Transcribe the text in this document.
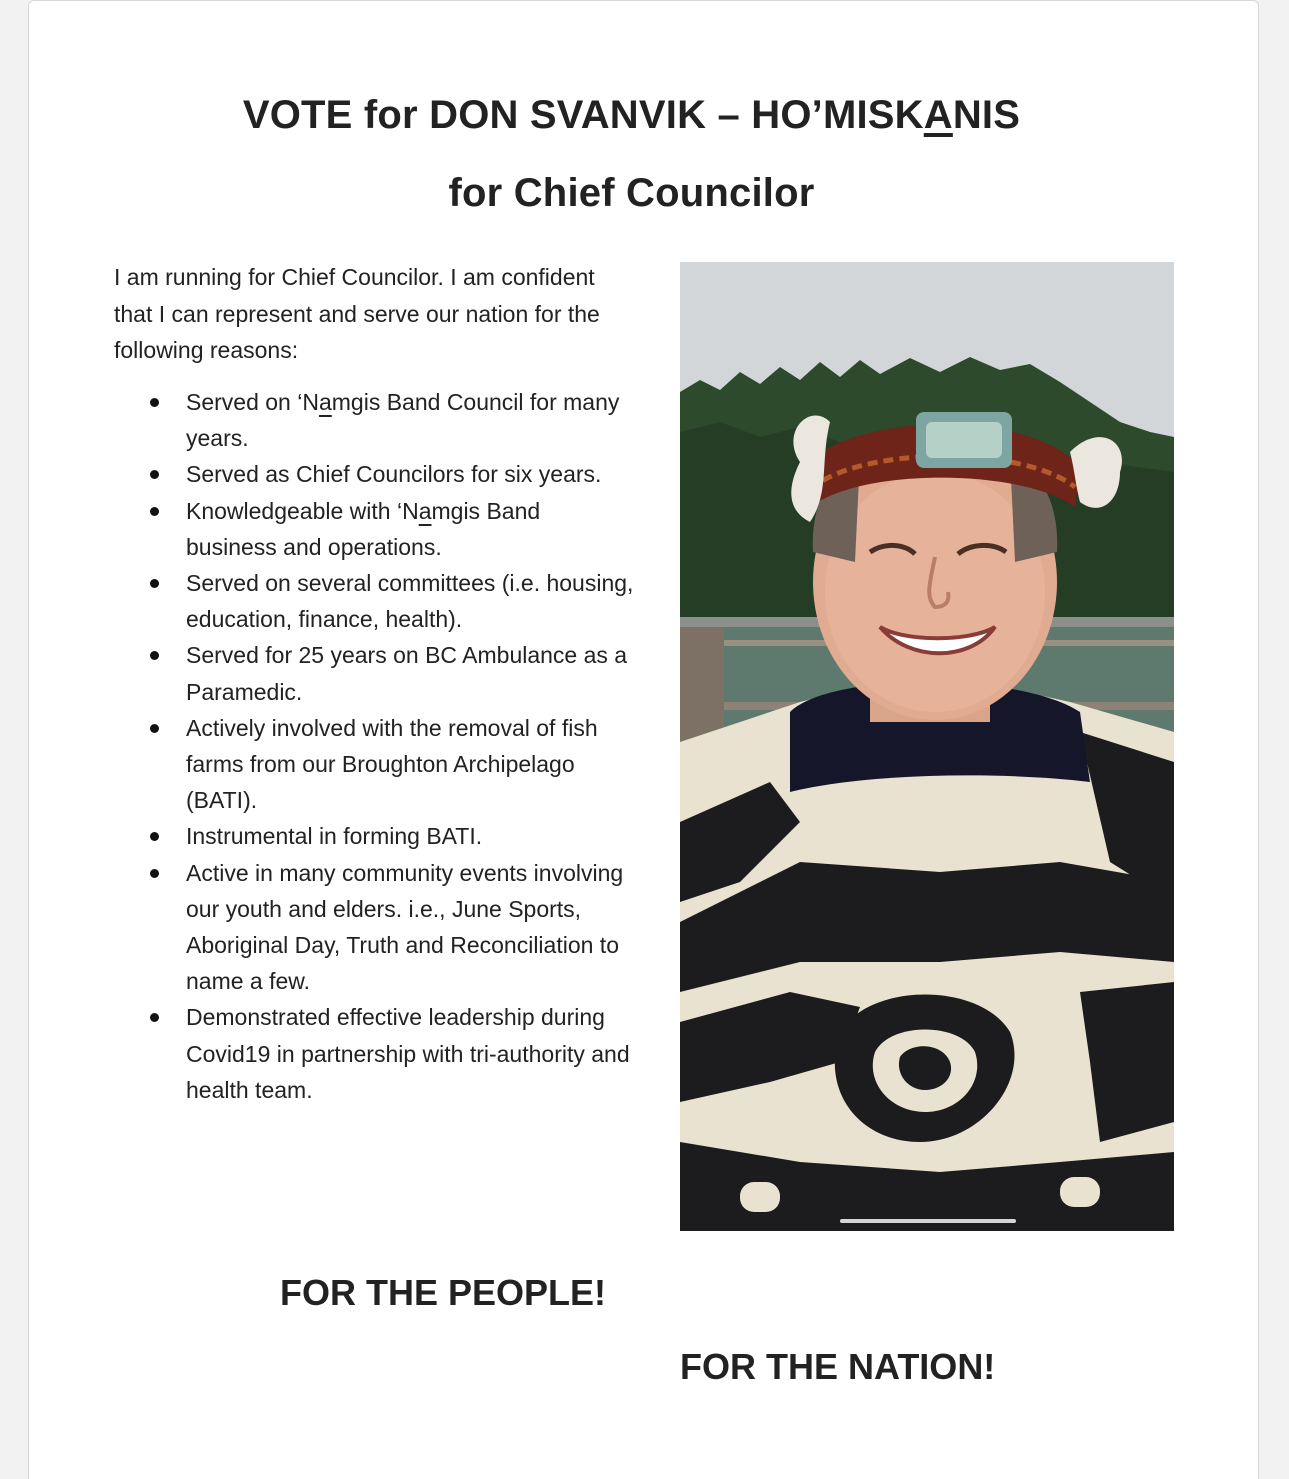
VOTE for DON SVANVIK – HO’MISKANIS
for Chief Councilor
I am running for Chief Councilor. I am confident that I can represent and serve our nation for the following reasons:
Served on ‘Namgis Band Council for many years.
Served as Chief Councilors for six years.
Knowledgeable with ‘Namgis Band business and operations.
Served on several committees (i.e. housing, education, finance, health).
Served for 25 years on BC Ambulance as a Paramedic.
Actively involved with the removal of fish farms from our Broughton Archipelago (BATI).
Instrumental in forming BATI.
Active in many community events involving our youth and elders. i.e., June Sports, Aboriginal Day, Truth and Reconciliation to name a few.
Demonstrated effective leadership during Covid19 in partnership with tri-authority and health team.
FOR THE PEOPLE!
FOR THE NATION!
